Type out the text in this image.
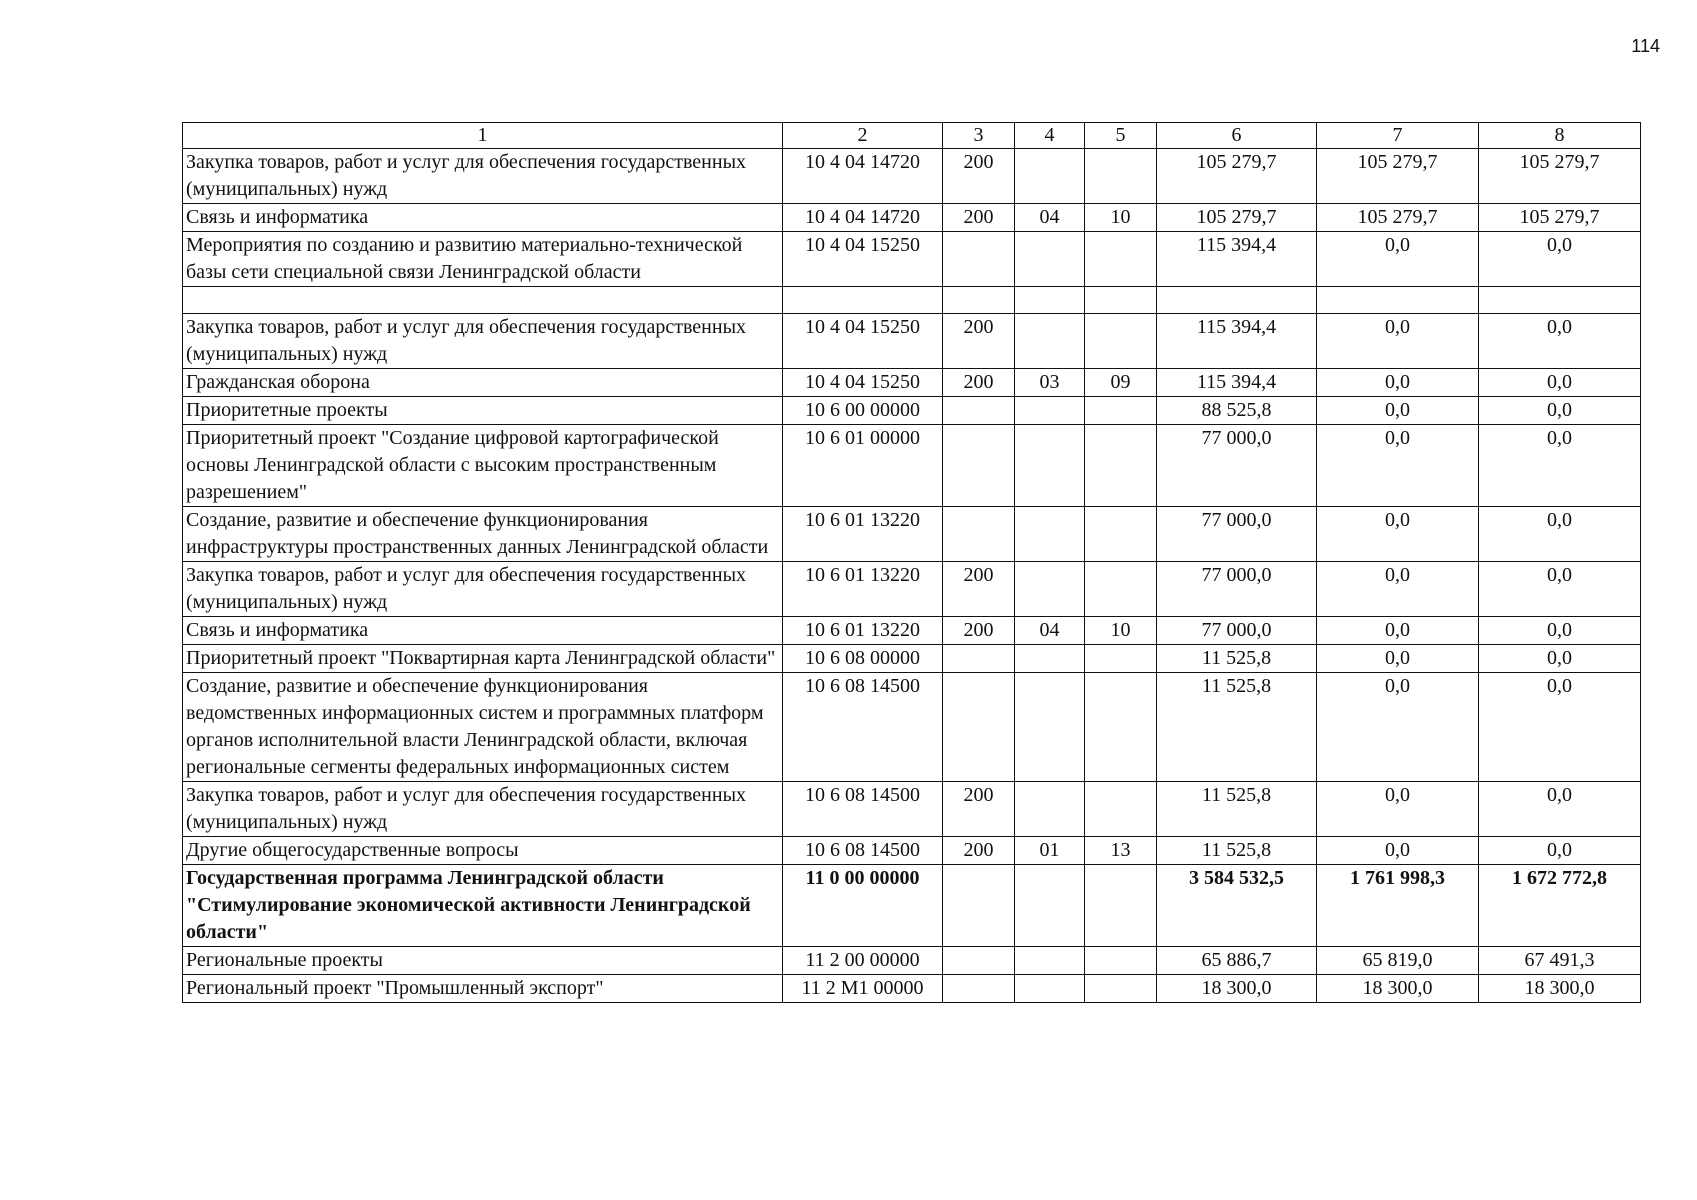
114
1	2	3	4	5	6	7	8
Закупка товаров, работ и услуг для обеспечения государственных (муниципальных) нужд	10 4 04 14720	200			105 279,7	105 279,7	105 279,7
Связь и информатика	10 4 04 14720	200	04	10	105 279,7	105 279,7	105 279,7
Мероприятия по созданию и развитию материально-технической базы сети специальной связи Ленинградской области	10 4 04 15250				115 394,4	0,0	0,0

Закупка товаров, работ и услуг для обеспечения государственных (муниципальных) нужд	10 4 04 15250	200			115 394,4	0,0	0,0
Гражданская оборона	10 4 04 15250	200	03	09	115 394,4	0,0	0,0
Приоритетные проекты	10 6 00 00000				88 525,8	0,0	0,0
Приоритетный проект "Создание цифровой картографической основы Ленинградской области с высоким пространственным разрешением"	10 6 01 00000				77 000,0	0,0	0,0
Создание, развитие и обеспечение функционирования инфраструктуры пространственных данных Ленинградской области	10 6 01 13220				77 000,0	0,0	0,0
Закупка товаров, работ и услуг для обеспечения государственных (муниципальных) нужд	10 6 01 13220	200			77 000,0	0,0	0,0
Связь и информатика	10 6 01 13220	200	04	10	77 000,0	0,0	0,0
Приоритетный проект "Поквартирная карта Ленинградской области"	10 6 08 00000				11 525,8	0,0	0,0
Создание, развитие и обеспечение функционирования ведомственных информационных систем и программных платформ органов исполнительной власти Ленинградской области, включая региональные сегменты федеральных информационных систем	10 6 08 14500				11 525,8	0,0	0,0
Закупка товаров, работ и услуг для обеспечения государственных (муниципальных) нужд	10 6 08 14500	200			11 525,8	0,0	0,0
Другие общегосударственные вопросы	10 6 08 14500	200	01	13	11 525,8	0,0	0,0
Государственная программа Ленинградской области "Стимулирование экономической активности Ленинградской области"	11 0 00 00000				3 584 532,5	1 761 998,3	1 672 772,8
Региональные проекты	11 2 00 00000				65 886,7	65 819,0	67 491,3
Региональный проект "Промышленный экспорт"	11 2 M1 00000				18 300,0	18 300,0	18 300,0
